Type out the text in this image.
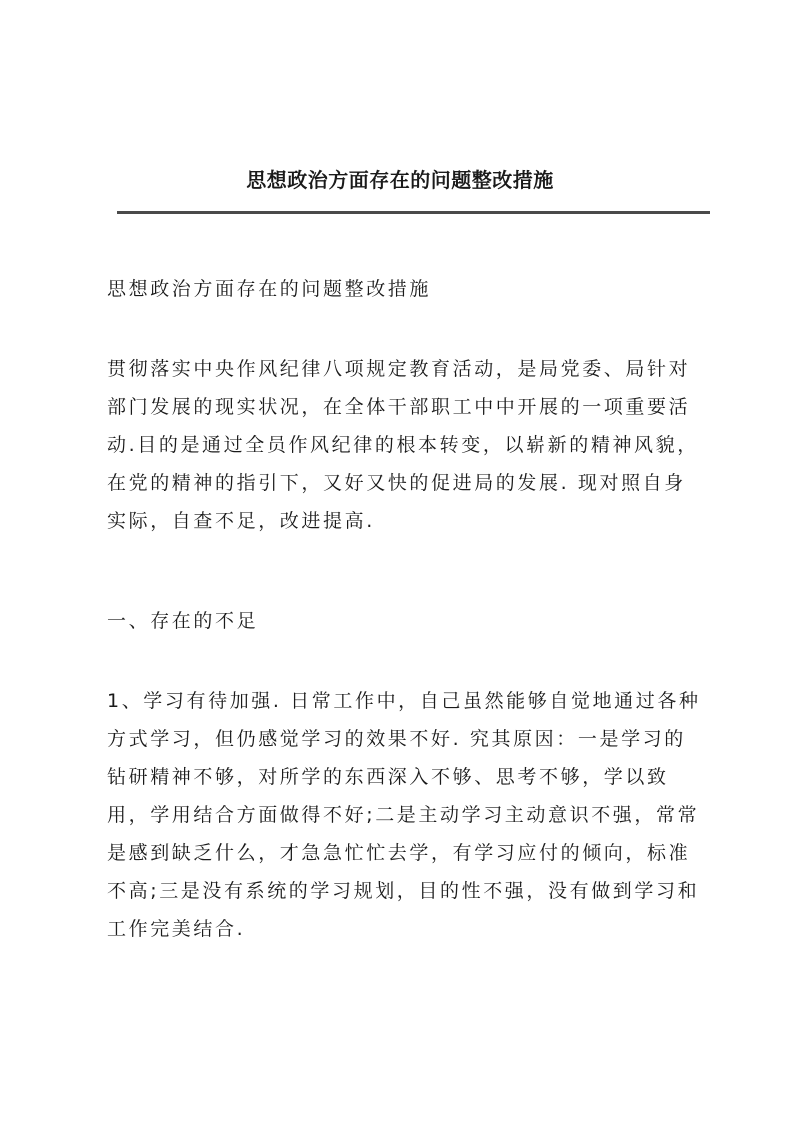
思想政治方面存在的问题整改措施
思想政治方面存在的问题整改措施
贯彻落实中央作风纪律八项规定教育活动，是局党委、局针对部门发展的现实状况，在全体干部职工中中开展的一项重要活动.目的是通过全员作风纪律的根本转变，以崭新的精神风貌，在党的精神的指引下，又好又快的促进局的发展. 现对照自身实际，自查不足，改进提高.
一、存在的不足
1、学习有待加强. 日常工作中，自己虽然能够自觉地通过各种方式学习，但仍感觉学习的效果不好. 究其原因：一是学习的钻研精神不够，对所学的东西深入不够、思考不够，学以致用，学用结合方面做得不好;二是主动学习主动意识不强，常常是感到缺乏什么，才急急忙忙去学，有学习应付的倾向，标准不高;三是没有系统的学习规划，目的性不强，没有做到学习和工作完美结合.
